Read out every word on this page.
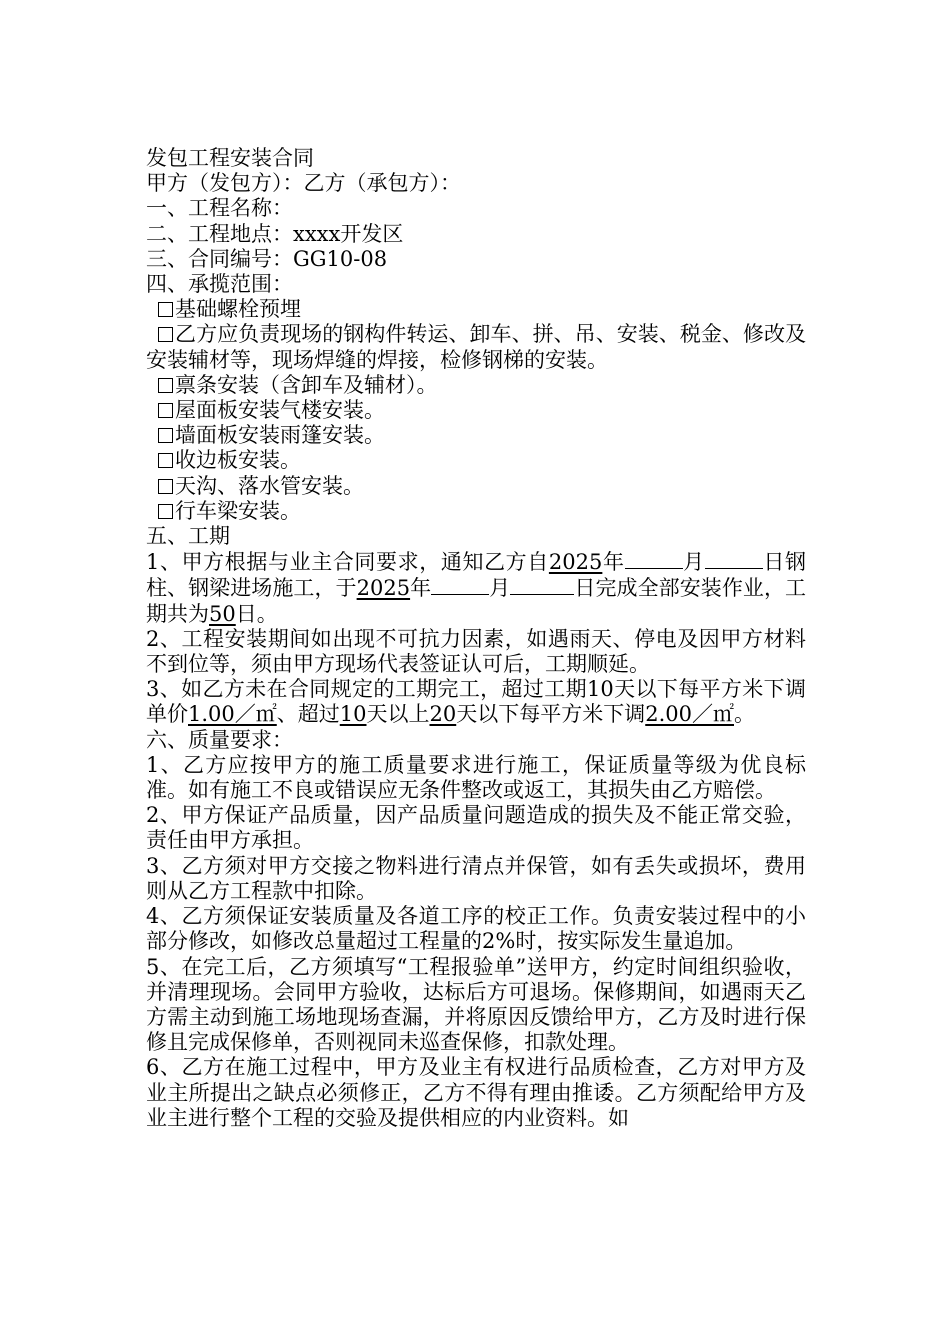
发包工程安装合同
甲方（发包方）：乙方（承包方）：
一、工程名称：
二、工程地点：xxxx开发区
三、合同编号：GG10-08
四、承揽范围：
基础螺栓预埋
乙方应负责现场的钢构件转运、卸车、拼、吊、安装、税金、修改及安装辅材等，现场焊缝的焊接，检修钢梯的安装。
禀条安装（含卸车及辅材）。
屋面板安装气楼安装。
墙面板安装雨篷安装。
收边板安装。
天沟、落水管安装。
行车梁安装。
五、工期
1、甲方根据与业主合同要求，通知乙方自2025年	月	日钢柱、钢梁进场施工，于2025年	月	日完成全部安装作业，工期共为50日。
2、工程安装期间如出现不可抗力因素，如遇雨天、停电及因甲方材料不到位等，须由甲方现场代表签证认可后，工期顺延。
3、如乙方未在合同规定的工期完工，超过工期10天以下每平方米下调单价1.00／㎡、超过10天以上20天以下每平方米下调2.00／㎡。
六、质量要求：
1、乙方应按甲方的施工质量要求进行施工，保证质量等级为优良标准。如有施工不良或错误应无条件整改或返工，其损失由乙方赔偿。
2、甲方保证产品质量，因产品质量问题造成的损失及不能正常交验，责任由甲方承担。
3、乙方须对甲方交接之物料进行清点并保管，如有丢失或损坏，费用则从乙方工程款中扣除。
4、乙方须保证安装质量及各道工序的校正工作。负责安装过程中的小部分修改，如修改总量超过工程量的2%时，按实际发生量追加。
5、在完工后，乙方须填写“工程报验单”送甲方，约定时间组织验收，并清理现场。会同甲方验收，达标后方可退场。保修期间，如遇雨天乙方需主动到施工场地现场查漏，并将原因反馈给甲方，乙方及时进行保修且完成保修单，否则视同未巡查保修，扣款处理。
6、乙方在施工过程中，甲方及业主有权进行品质检查，乙方对甲方及业主所提出之缺点必须修正，乙方不得有理由推诿。乙方须配给甲方及业主进行整个工程的交验及提供相应的内业资料。如
